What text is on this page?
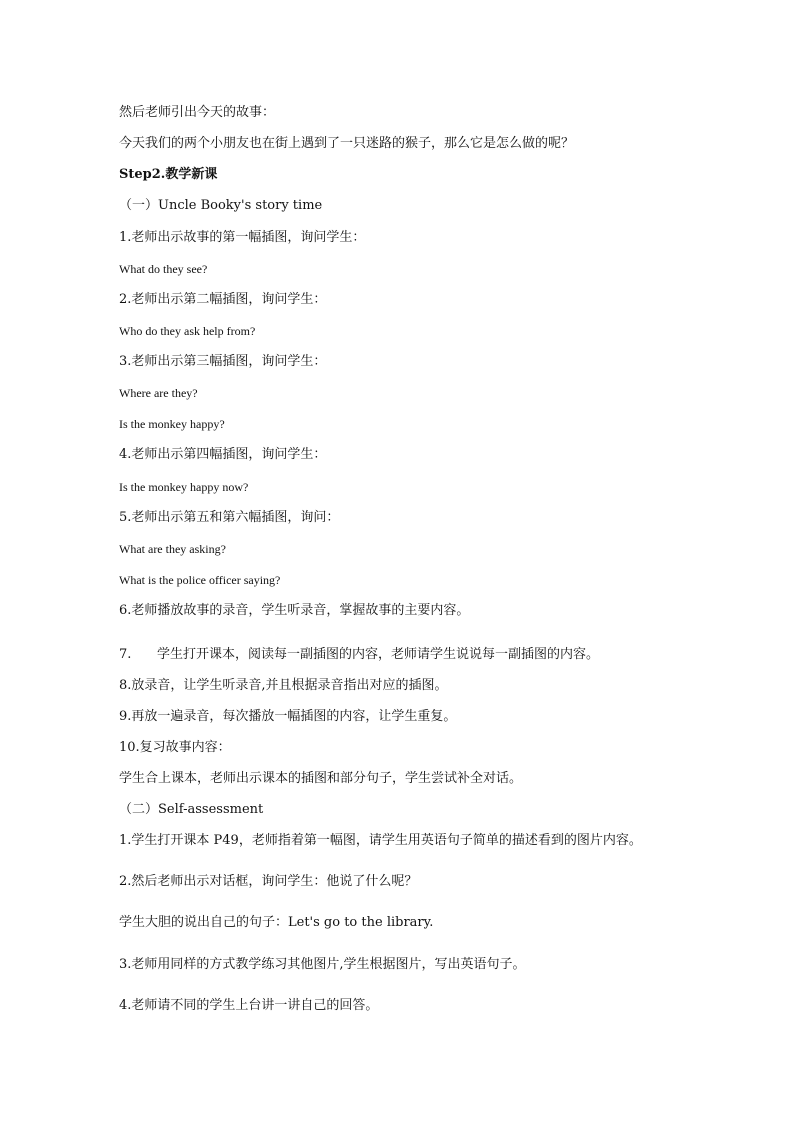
然后老师引出今天的故事：
今天我们的两个小朋友也在街上遇到了一只迷路的猴子，那么它是怎么做的呢？
Step2.教学新课
（一）Uncle Booky's story time
1.老师出示故事的第一幅插图，询问学生：
What do they see?
2.老师出示第二幅插图，询问学生：
Who do they ask help from?
3.老师出示第三幅插图，询问学生：
Where are they?
Is the monkey happy?
4.老师出示第四幅插图，询问学生：
Is the monkey happy now?
5.老师出示第五和第六幅插图，询问：
What are they asking?
What is the police officer saying?
6.老师播放故事的录音，学生听录音，掌握故事的主要内容。
7. 学生打开课本，阅读每一副插图的内容，老师请学生说说每一副插图的内容。
8.放录音，让学生听录音,并且根据录音指出对应的插图。
9.再放一遍录音，每次播放一幅插图的内容，让学生重复。
10.复习故事内容：
学生合上课本，老师出示课本的插图和部分句子，学生尝试补全对话。
（二）Self-assessment
1.学生打开课本 P49，老师指着第一幅图，请学生用英语句子简单的描述看到的图片内容。
2.然后老师出示对话框，询问学生：他说了什么呢？
学生大胆的说出自己的句子：Let's go to the library.
3.老师用同样的方式教学练习其他图片,学生根据图片，写出英语句子。
4.老师请不同的学生上台讲一讲自己的回答。
